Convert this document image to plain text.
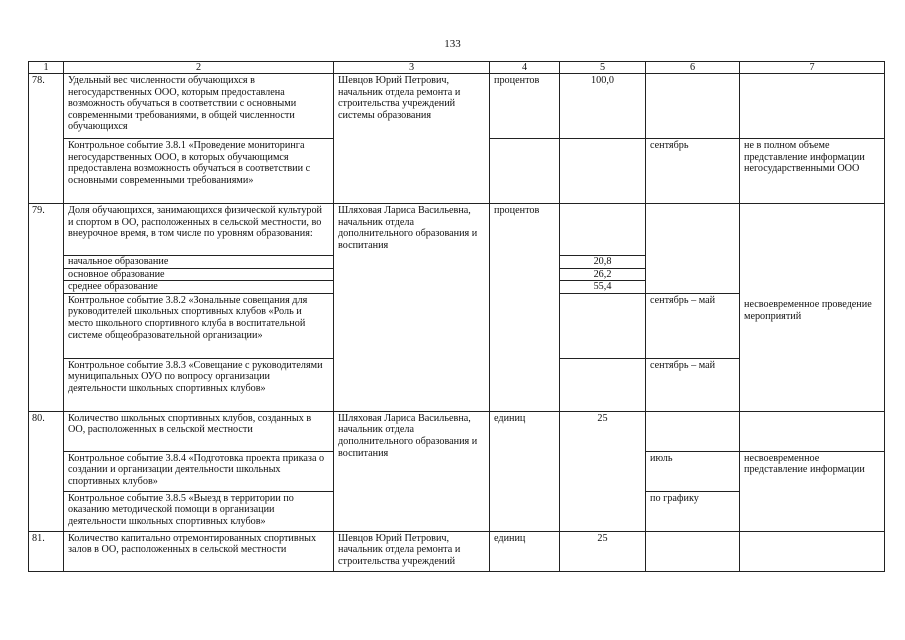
133
1	2	3	4	5	6	7
78.	Удельный вес численности обучающихся в негосударственных ООО, которым предоставлена возможность обучаться в соответствии с основными современными требованиями, в общей численности обучающихся	Шевцов Юрий Петрович, начальник отдела ремонта и строительства учреждений системы образования	процентов	100,0		
	Контрольное событие 3.8.1 «Проведение мониторинга негосударственных ООО, в которых обучающимся предоставлена возможность обучаться в соответствии с основными современными требованиями»				сентябрь	не в полном объеме представление информации негосударственными ООО
79.	Доля обучающихся, занимающихся физической культурой и спортом в ОО, расположенных в сельской местности, во внеурочное время, в том числе по уровням образования:	Шляховая Лариса Васильевна, начальник отдела дополнительного образования и воспитания	процентов			несвоевременное проведение мероприятий
	начальное образование			20,8		
	основное образование			26,2		
	среднее образование			55,4		
	Контрольное событие 3.8.2 «Зональные совещания для руководителей школьных спортивных клубов «Роль и место школьного спортивного клуба в воспитательной системе общеобразовательной организации»				сентябрь – май	
	Контрольное событие 3.8.3 «Совещание с руководителями муниципальных ОУО по вопросу организации деятельности школьных спортивных клубов»				сентябрь – май	
80.	Количество школьных спортивных клубов, созданных в ОО, расположенных в сельской местности	Шляховая Лариса Васильевна, начальник отдела дополнительного образования и воспитания	единиц	25		
	Контрольное событие 3.8.4 «Подготовка проекта приказа о создании и организации деятельности школьных спортивных клубов»				июль	несвоевременное представление информации
	Контрольное событие 3.8.5 «Выезд в территории по оказанию методической помощи в организации деятельности школьных спортивных клубов»				по графику	
81.	Количество капитально отремонтированных спортивных залов в ОО, расположенных в сельской местности	Шевцов Юрий Петрович, начальник отдела ремонта и строительства учреждений	единиц	25		
